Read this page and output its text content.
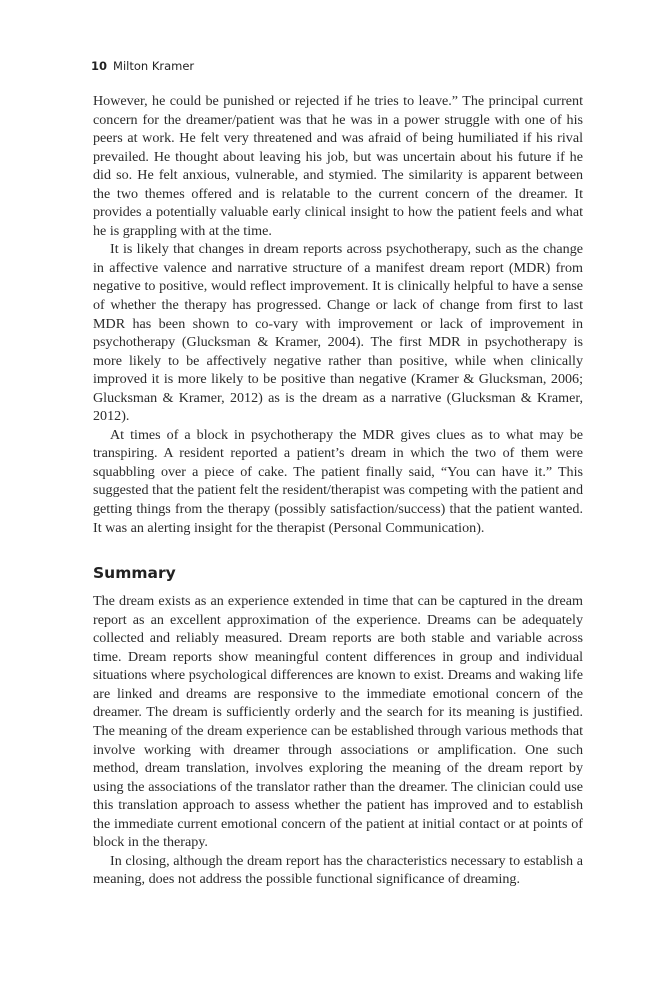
10 Milton Kramer

However, he could be punished or rejected if he tries to leave.” The principal current concern for the dreamer/patient was that he was in a power struggle with one of his peers at work. He felt very threatened and was afraid of being humiliated if his rival prevailed. He thought about leaving his job, but was uncertain about his future if he did so. He felt anxious, vulnerable, and stymied. The similarity is apparent between the two themes offered and is relatable to the current concern of the dreamer. It provides a potentially valuable early clinical insight to how the patient feels and what he is grappling with at the time.

It is likely that changes in dream reports across psychotherapy, such as the change in affective valence and narrative structure of a manifest dream report (MDR) from negative to positive, would reflect improvement. It is clinically helpful to have a sense of whether the therapy has progressed. Change or lack of change from first to last MDR has been shown to co-vary with improvement or lack of improvement in psychotherapy (Glucksman & Kramer, 2004). The first MDR in psychotherapy is more likely to be affectively negative rather than positive, while when clinically improved it is more likely to be positive than negative (Kramer & Glucksman, 2006; Glucksman & Kramer, 2012) as is the dream as a narrative (Glucksman & Kramer, 2012).

At times of a block in psychotherapy the MDR gives clues as to what may be transpiring. A resident reported a patient’s dream in which the two of them were squabbling over a piece of cake. The patient finally said, “You can have it.” This suggested that the patient felt the resident/therapist was competing with the patient and getting things from the therapy (possibly satisfaction/success) that the patient wanted. It was an alerting insight for the therapist (Personal Communication).

Summary

The dream exists as an experience extended in time that can be captured in the dream report as an excellent approximation of the experience. Dreams can be adequately collected and reliably measured. Dream reports are both stable and variable across time. Dream reports show meaningful content differences in group and individual situations where psychological differences are known to exist. Dreams and waking life are linked and dreams are responsive to the immediate emotional concern of the dreamer. The dream is sufficiently orderly and the search for its meaning is justified. The meaning of the dream experience can be established through various methods that involve working with dreamer through associations or amplification. One such method, dream translation, involves exploring the meaning of the dream report by using the associations of the translator rather than the dreamer. The clinician could use this translation approach to assess whether the patient has improved and to establish the immediate current emotional concern of the patient at initial contact or at points of block in the therapy.

In closing, although the dream report has the characteristics necessary to establish a meaning, does not address the possible functional significance of dreaming.
